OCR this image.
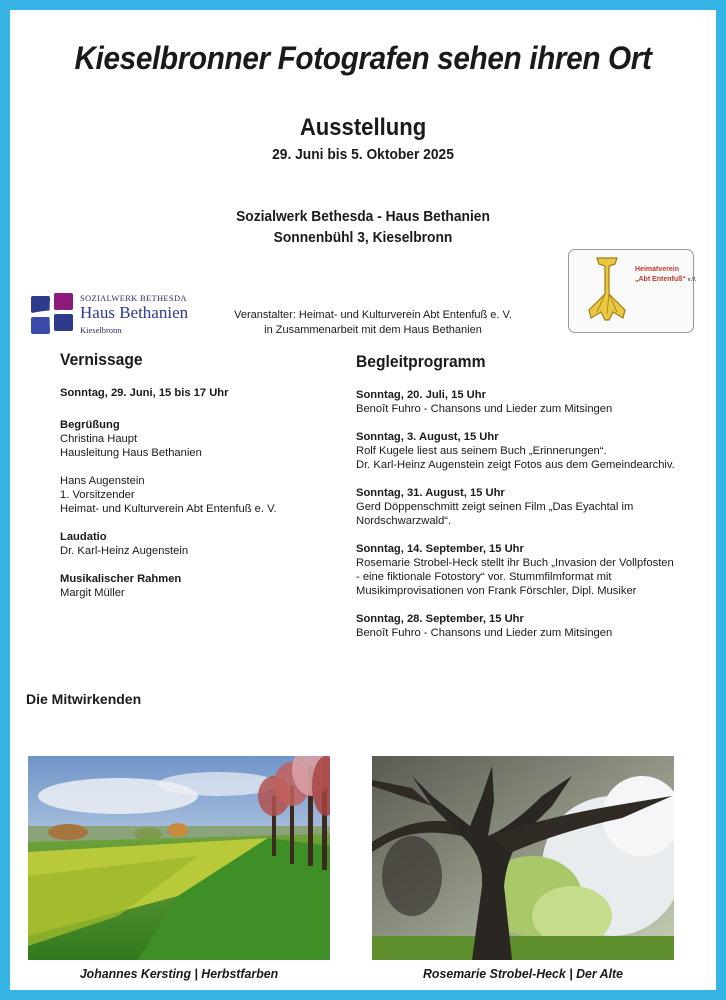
Kieselbronner Fotografen sehen ihren Ort
Ausstellung
29. Juni bis 5. Oktober 2025
Sozialwerk Bethesda - Haus Bethanien
Sonnenbühl 3, Kieselbronn
SOZIALWERK BETHESDA
Haus Bethanien
Kieselbronn
Veranstalter: Heimat- und Kulturverein Abt Entenfuß e. V.
in Zusammenarbeit mit dem Haus Bethanien
Heimatverein
„Abt Entenfuß“ e.V.
Vernissage

Sonntag, 29. Juni, 15 bis 17 Uhr

Begrüßung

Christina Haupt

Hausleitung Haus Bethanien

Hans Augenstein

1. Vorsitzender

Heimat- und Kulturverein Abt Entenfuß e. V.

Laudatio

Dr. Karl-Heinz Augenstein

Musikalischer Rahmen

Margit Müller

Begleitprogramm

Sonntag, 20. Juli, 15 Uhr

Benoît Fuhro - Chansons und Lieder zum Mitsingen

Sonntag, 3. August, 15 Uhr

Rolf Kugele liest aus seinem Buch „Erinnerungen“.

Dr. Karl-Heinz Augenstein zeigt Fotos aus dem Gemeindearchiv.

Sonntag, 31. August, 15 Uhr

Gerd Döppenschmitt zeigt seinen Film „Das Eyachtal im

Nordschwarzwald“.

Sonntag, 14. September, 15 Uhr

Rosemarie Strobel-Heck stellt ihr Buch „Invasion der Vollpfosten

- eine fiktionale Fotostory“ vor. Stummfilmformat mit

Musikimprovisationen von Frank Förschler, Dipl. Musiker

Sonntag, 28. September, 15 Uhr

Benoît Fuhro - Chansons und Lieder zum Mitsingen

Die Mitwirkenden
Johannes Kersting | Herbstfarben	Rosemarie Strobel-Heck | Der Alte
